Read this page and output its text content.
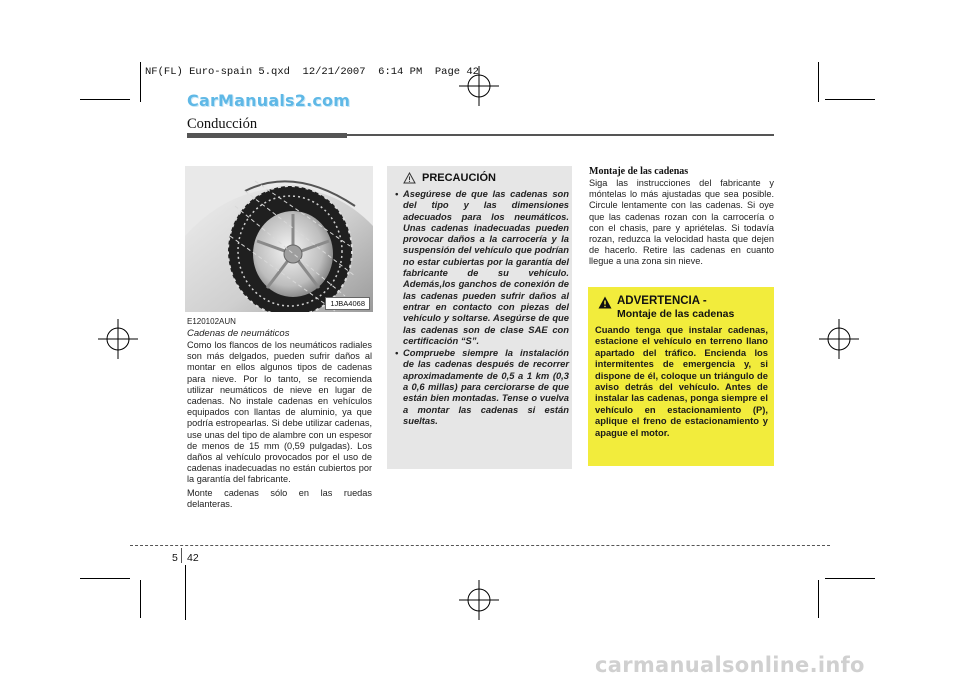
NF(FL) Euro-spain 5.qxd  12/21/2007  6:14 PM  Page 42
CarManuals2.com
Conducción
1JBA4068
E120102AUN
Cadenas de neumáticos

Como los flancos de los neumáticos radiales son más delgados, pueden sufrir daños al montar en ellos algunos tipos de cadenas para nieve. Por lo tanto, se recomienda utilizar neumáticos de nieve en lugar de cadenas. No instale cadenas en vehículos equipados con llantas de aluminio, ya que podría estropearlas. Si debe utilizar cadenas, use unas del tipo de alambre con un espesor de menos de 15 mm (0,59 pulgadas). Los daños al vehículo provocados por el uso de cadenas inadecuadas no están cubiertos por la garantía del fabricante.

Monte cadenas sólo en las ruedas delanteras.

PRECAUCIÓN
• Asegúrese de que las cadenas son del tipo y las dimensiones adecuados para los neumáticos. Unas cadenas inadecuadas pueden provocar daños a la carrocería y la suspensión del vehículo que podrían no estar cubiertas por la garantía del fabricante de su vehículo. Además,los ganchos de conexión de las cadenas pueden sufrir daños al entrar en contacto con piezas del vehículo y soltarse. Asegúrse de que las cadenas son de clase SAE con certificación “S”.
• Compruebe siempre la instalación de las cadenas después de recorrer aproximadamente de 0,5 a 1 km (0,3 a 0,6 millas) para cerciorarse de que están bien montadas. Tense o vuelva a montar las cadenas si están sueltas.
Montaje de las cadenas

Siga las instrucciones del fabricante y móntelas lo más ajustadas que sea posible. Circule lentamente con las cadenas. Si oye que las cadenas rozan con la carrocería o con el chasis, pare y apriételas. Si todavía rozan, reduzca la velocidad hasta que dejen de hacerlo. Retire las cadenas en cuanto llegue a una zona sin nieve.

ADVERTENCIA -
Montaje de las cadenas
Cuando tenga que instalar cadenas, estacione el vehículo en terreno llano apartado del tráfico. Encienda los intermitentes de emergencia y, si dispone de él, coloque un triángulo de aviso detrás del vehículo. Antes de instalar las cadenas, ponga siempre el vehículo en estacionamiento (P), aplique el freno de estacionamiento y apague el motor.
5 42
carmanualsonline.info
